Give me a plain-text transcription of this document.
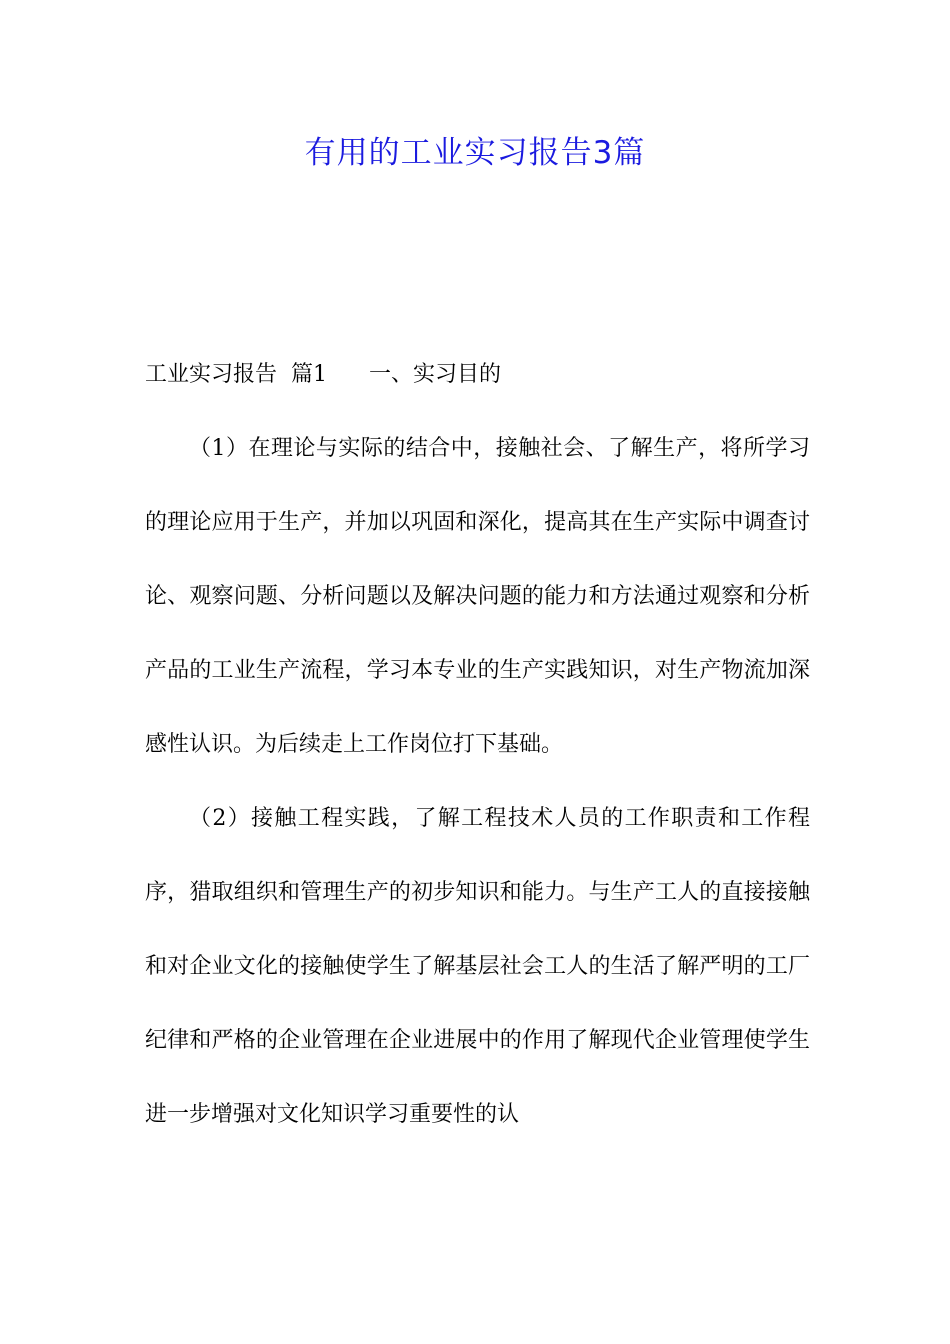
有用的工业实习报告3篇

工业实习报告  篇1      一、实习目的

（1）在理论与实际的结合中，接触社会、了解生产，将所学习的理论应用于生产，并加以巩固和深化，提高其在生产实际中调查讨论、观察问题、分析问题以及解决问题的能力和方法通过观察和分析产品的工业生产流程，学习本专业的生产实践知识，对生产物流加深感性认识。为后续走上工作岗位打下基础。

（2）接触工程实践，了解工程技术人员的工作职责和工作程序，猎取组织和管理生产的初步知识和能力。与生产工人的直接接触和对企业文化的接触使学生了解基层社会工人的生活了解严明的工厂纪律和严格的企业管理在企业进展中的作用了解现代企业管理使学生进一步增强对文化知识学习重要性的认
